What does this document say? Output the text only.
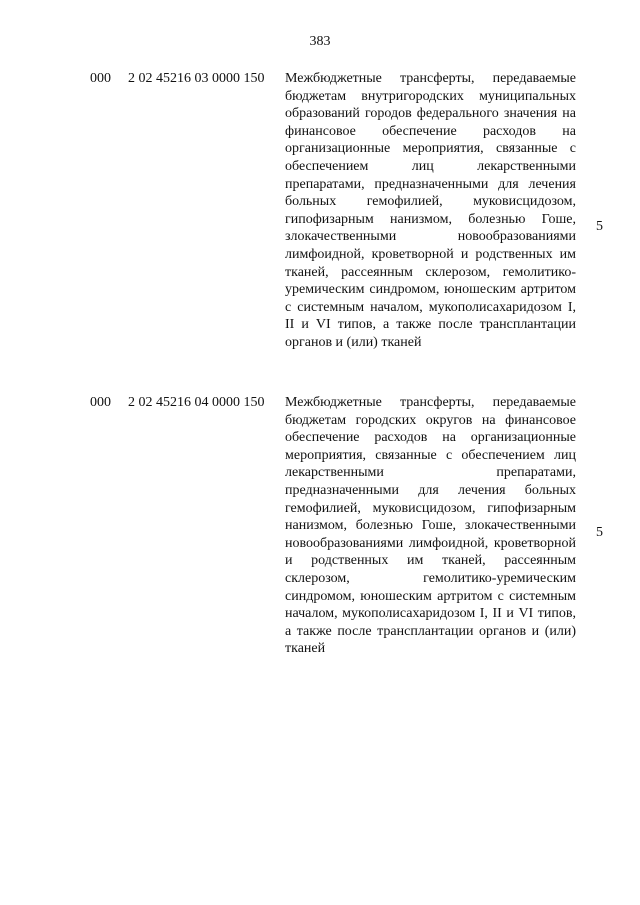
383
000 2 02 45216 03 0000 150 Межбюджетные трансферты, передаваемые бюджетам внутригородских муниципальных образований городов федерального значения на финансовое обеспечение расходов на организационные мероприятия, связанные с обеспечением лиц лекарственными препаратами, предназначенными для лечения больных гемофилией, муковисцидозом, гипофизарным нанизмом, болезнью Гоше, злокачественными новообразованиями лимфоидной, кроветворной и родственных им тканей, рассеянным склерозом, гемолитико-уремическим синдромом, юношеским артритом с системным началом, мукополисахаридозом I, II и VI типов, а также после трансплантации органов и (или) тканей
5
000 2 02 45216 04 0000 150 Межбюджетные трансферты, передаваемые бюджетам городских округов на финансовое обеспечение расходов на организационные мероприятия, связанные с обеспечением лиц лекарственными препаратами, предназначенными для лечения больных гемофилией, муковисцидозом, гипофизарным нанизмом, болезнью Гоше, злокачественными новообразованиями лимфоидной, кроветворной и родственных им тканей, рассеянным склерозом, гемолитико-уремическим синдромом, юношеским артритом с системным началом, мукополисахаридозом I, II и VI типов, а также после трансплантации органов и (или) тканей
5
